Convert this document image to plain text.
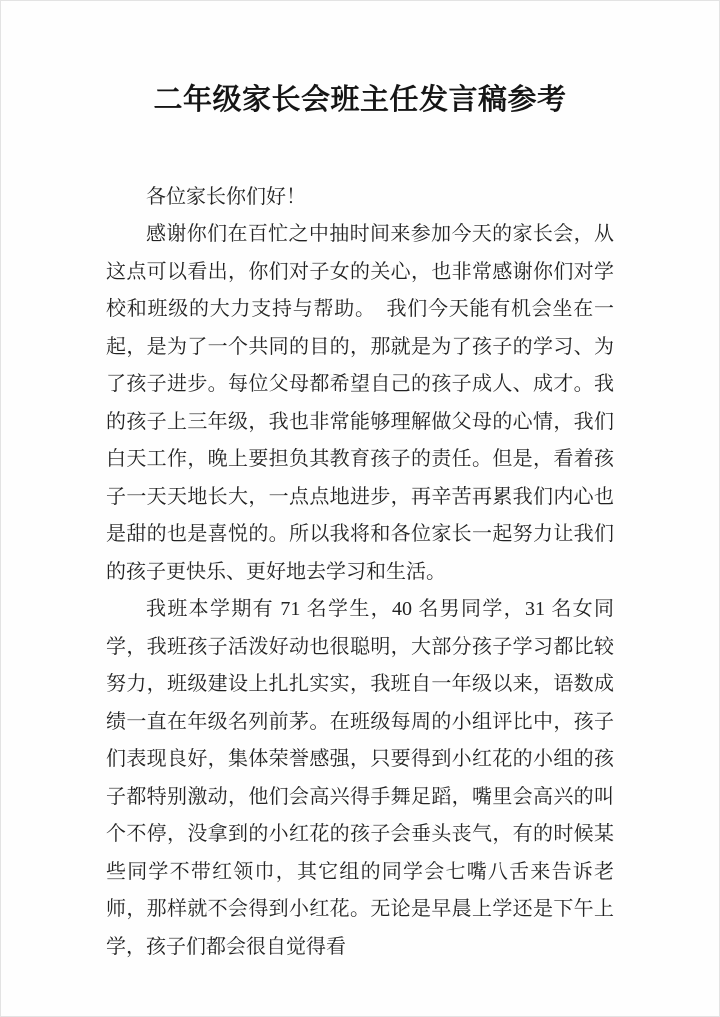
二年级家长会班主任发言稿参考

各位家长你们好！

感谢你们在百忙之中抽时间来参加今天的家长会，从这点可以看出，你们对子女的关心，也非常感谢你们对学校和班级的大力支持与帮助。　我们今天能有机会坐在一起，是为了一个共同的目的，那就是为了孩子的学习、为了孩子进步。每位父母都希望自己的孩子成人、成才。我的孩子上三年级，我也非常能够理解做父母的心情，我们白天工作，晚上要担负其教育孩子的责任。但是，看着孩子一天天地长大，一点点地进步，再辛苦再累我们内心也是甜的也是喜悦的。所以我将和各位家长一起努力让我们的孩子更快乐、更好地去学习和生活。

我班本学期有 71 名学生，40 名男同学，31 名女同学，我班孩子活泼好动也很聪明，大部分孩子学习都比较努力，班级建设上扎扎实实，我班自一年级以来，语数成绩一直在年级名列前茅。在班级每周的小组评比中，孩子们表现良好，集体荣誉感强，只要得到小红花的小组的孩子都特别激动，他们会高兴得手舞足蹈，嘴里会高兴的叫个不停，没拿到的小红花的孩子会垂头丧气，有的时候某些同学不带红领巾，其它组的同学会七嘴八舌来告诉老师，那样就不会得到小红花。无论是早晨上学还是下午上学，孩子们都会很自觉得看
